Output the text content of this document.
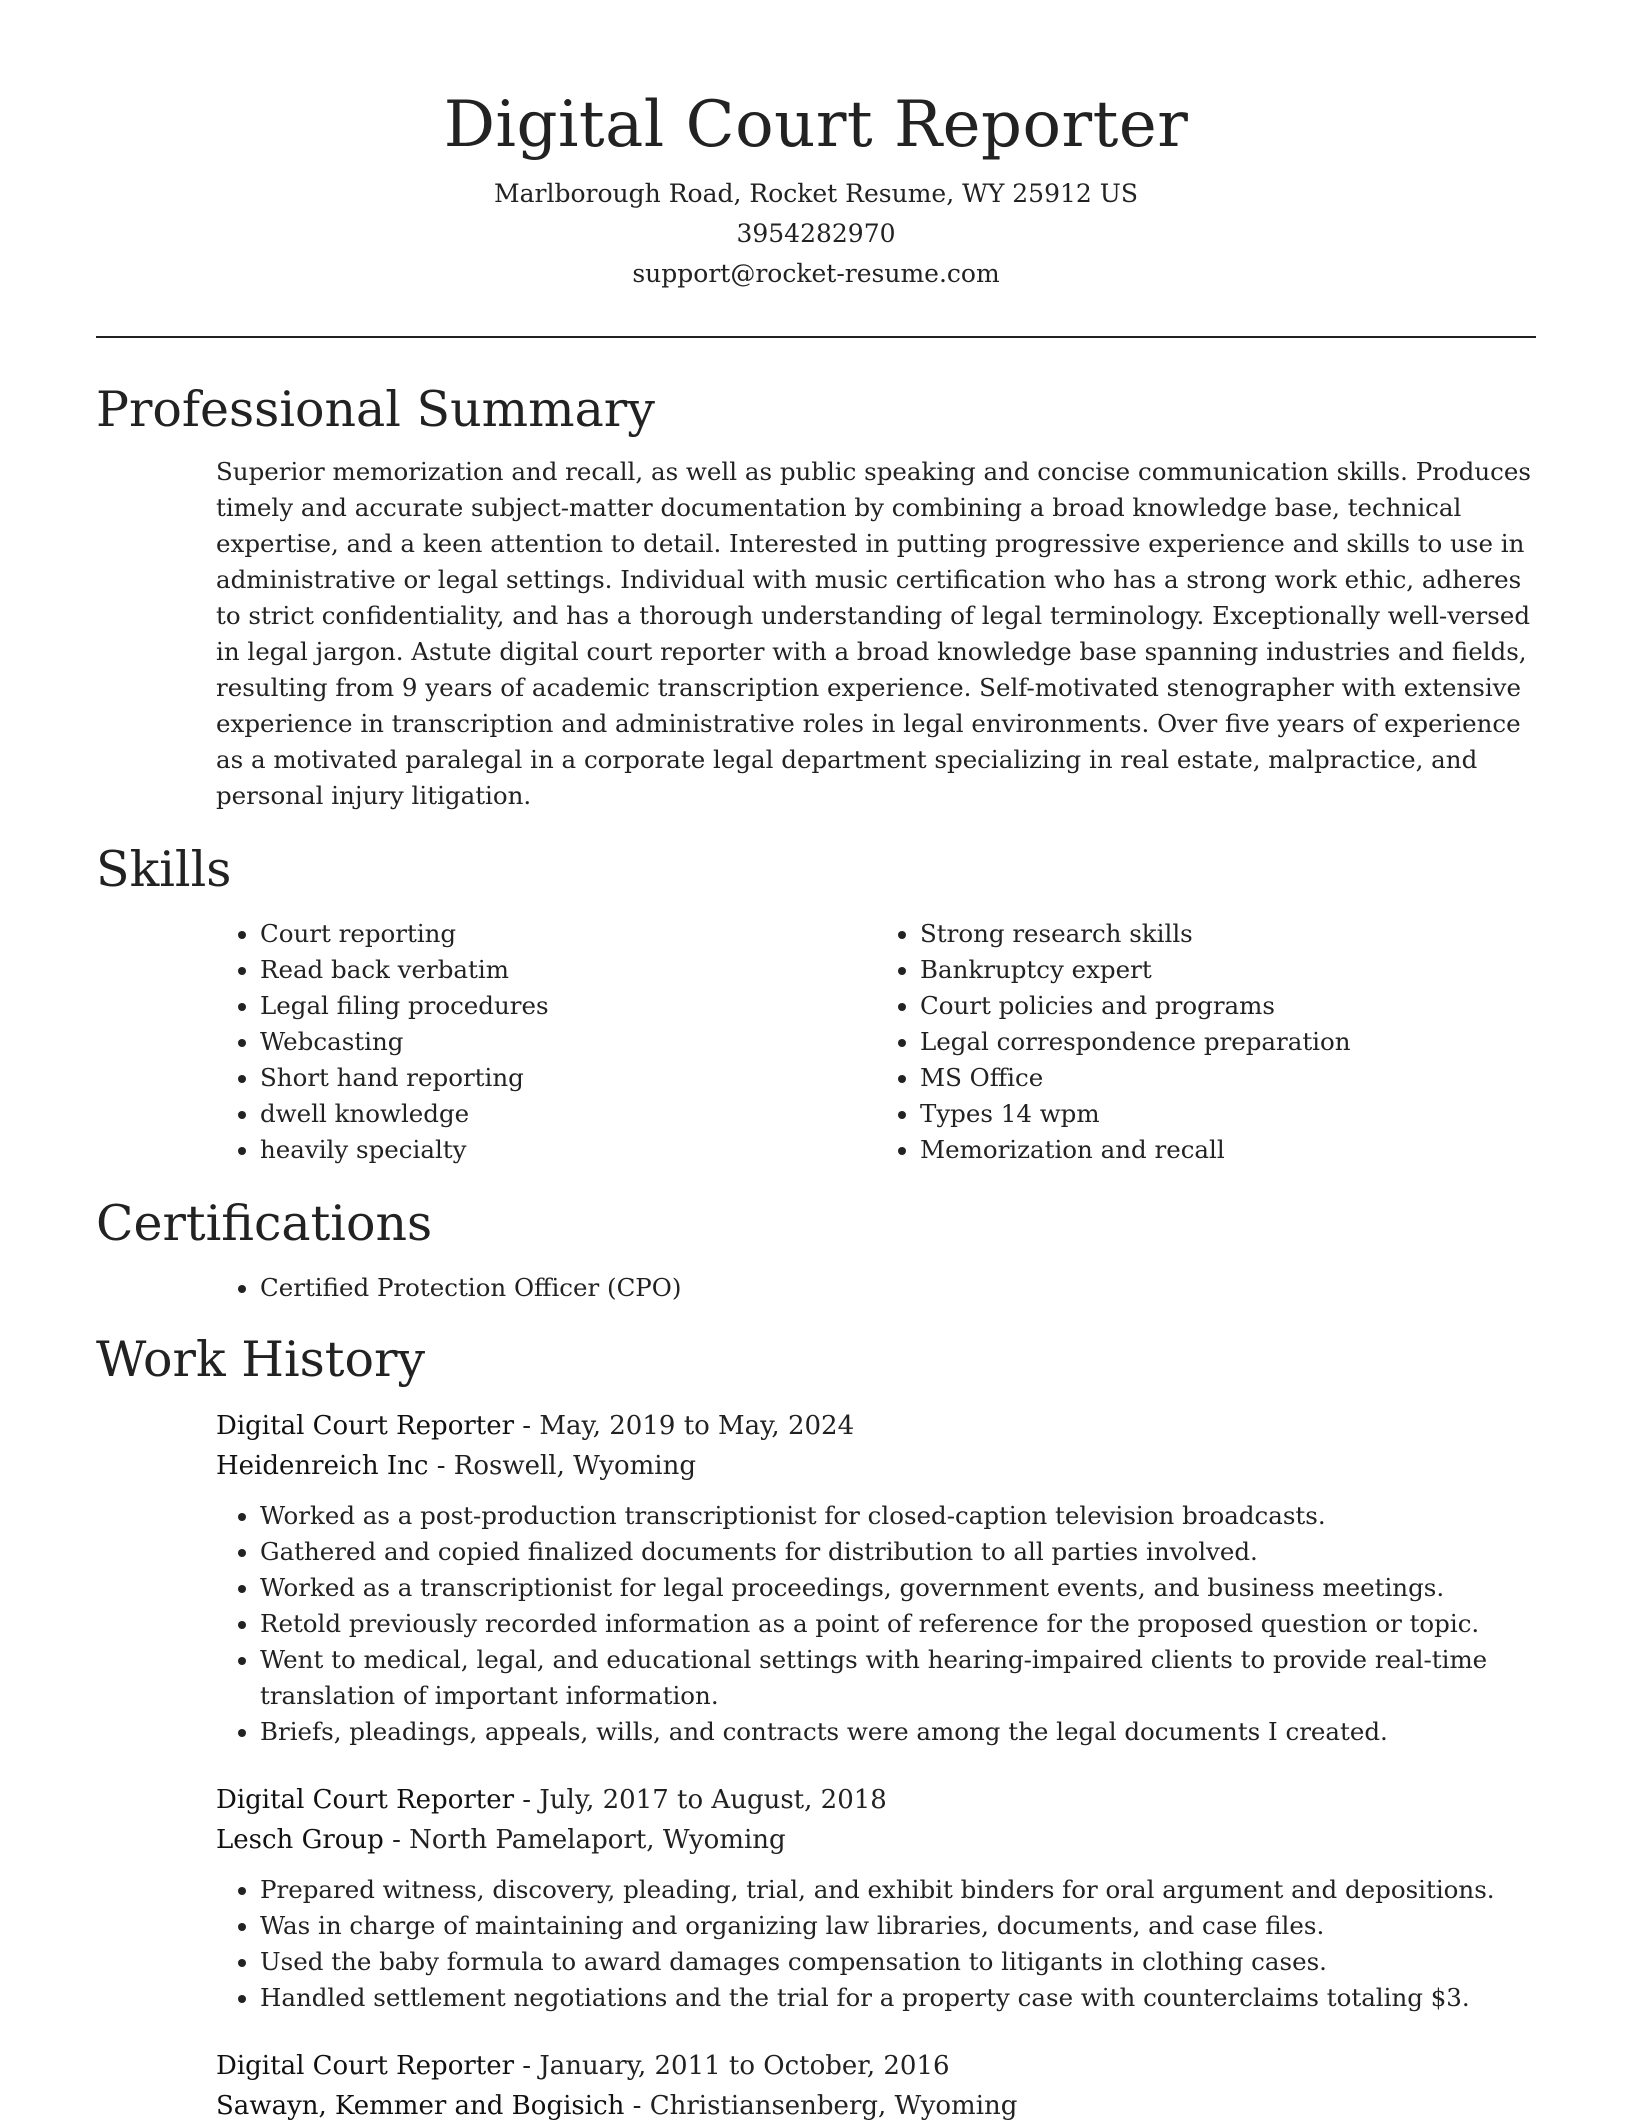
Digital Court Reporter

Marlborough Road, Rocket Resume, WY 25912 US

3954282970

support@rocket-resume.com

Professional Summary

Superior memorization and recall, as well as public speaking and concise communication skills. Produces timely and accurate subject-matter documentation by combining a broad knowledge base, technical expertise, and a keen attention to detail. Interested in putting progressive experience and skills to use in administrative or legal settings. Individual with music certification who has a strong work ethic, adheres to strict confidentiality, and has a thorough understanding of legal terminology. Exceptionally well-versed in legal jargon. Astute digital court reporter with a broad knowledge base spanning industries and fields, resulting from 9 years of academic transcription experience. Self-motivated stenographer with extensive experience in transcription and administrative roles in legal environments. Over five years of experience as a motivated paralegal in a corporate legal department specializing in real estate, malpractice, and personal injury litigation.

Skills
• Court reporting
• Read back verbatim
• Legal filing procedures
• Webcasting
• Short hand reporting
• dwell knowledge
• heavily specialty
• Strong research skills
• Bankruptcy expert
• Court policies and programs
• Legal correspondence preparation
• MS Office
• Types 14 wpm
• Memorization and recall
Certifications
• Certified Protection Officer (CPO)
Work History

Digital Court Reporter - May, 2019 to May, 2024

Heidenreich Inc - Roswell, Wyoming

• Worked as a post-production transcriptionist for closed-caption television broadcasts.
• Gathered and copied finalized documents for distribution to all parties involved.
• Worked as a transcriptionist for legal proceedings, government events, and business meetings.
• Retold previously recorded information as a point of reference for the proposed question or topic.
• Went to medical, legal, and educational settings with hearing-impaired clients to provide real-time translation of important information.
• Briefs, pleadings, appeals, wills, and contracts were among the legal documents I created.

Digital Court Reporter - July, 2017 to August, 2018

Lesch Group - North Pamelaport, Wyoming

• Prepared witness, discovery, pleading, trial, and exhibit binders for oral argument and depositions.
• Was in charge of maintaining and organizing law libraries, documents, and case files.
• Used the baby formula to award damages compensation to litigants in clothing cases.
• Handled settlement negotiations and the trial for a property case with counterclaims totaling $3.

Digital Court Reporter - January, 2011 to October, 2016

Sawayn, Kemmer and Bogisich - Christiansenberg, Wyoming
